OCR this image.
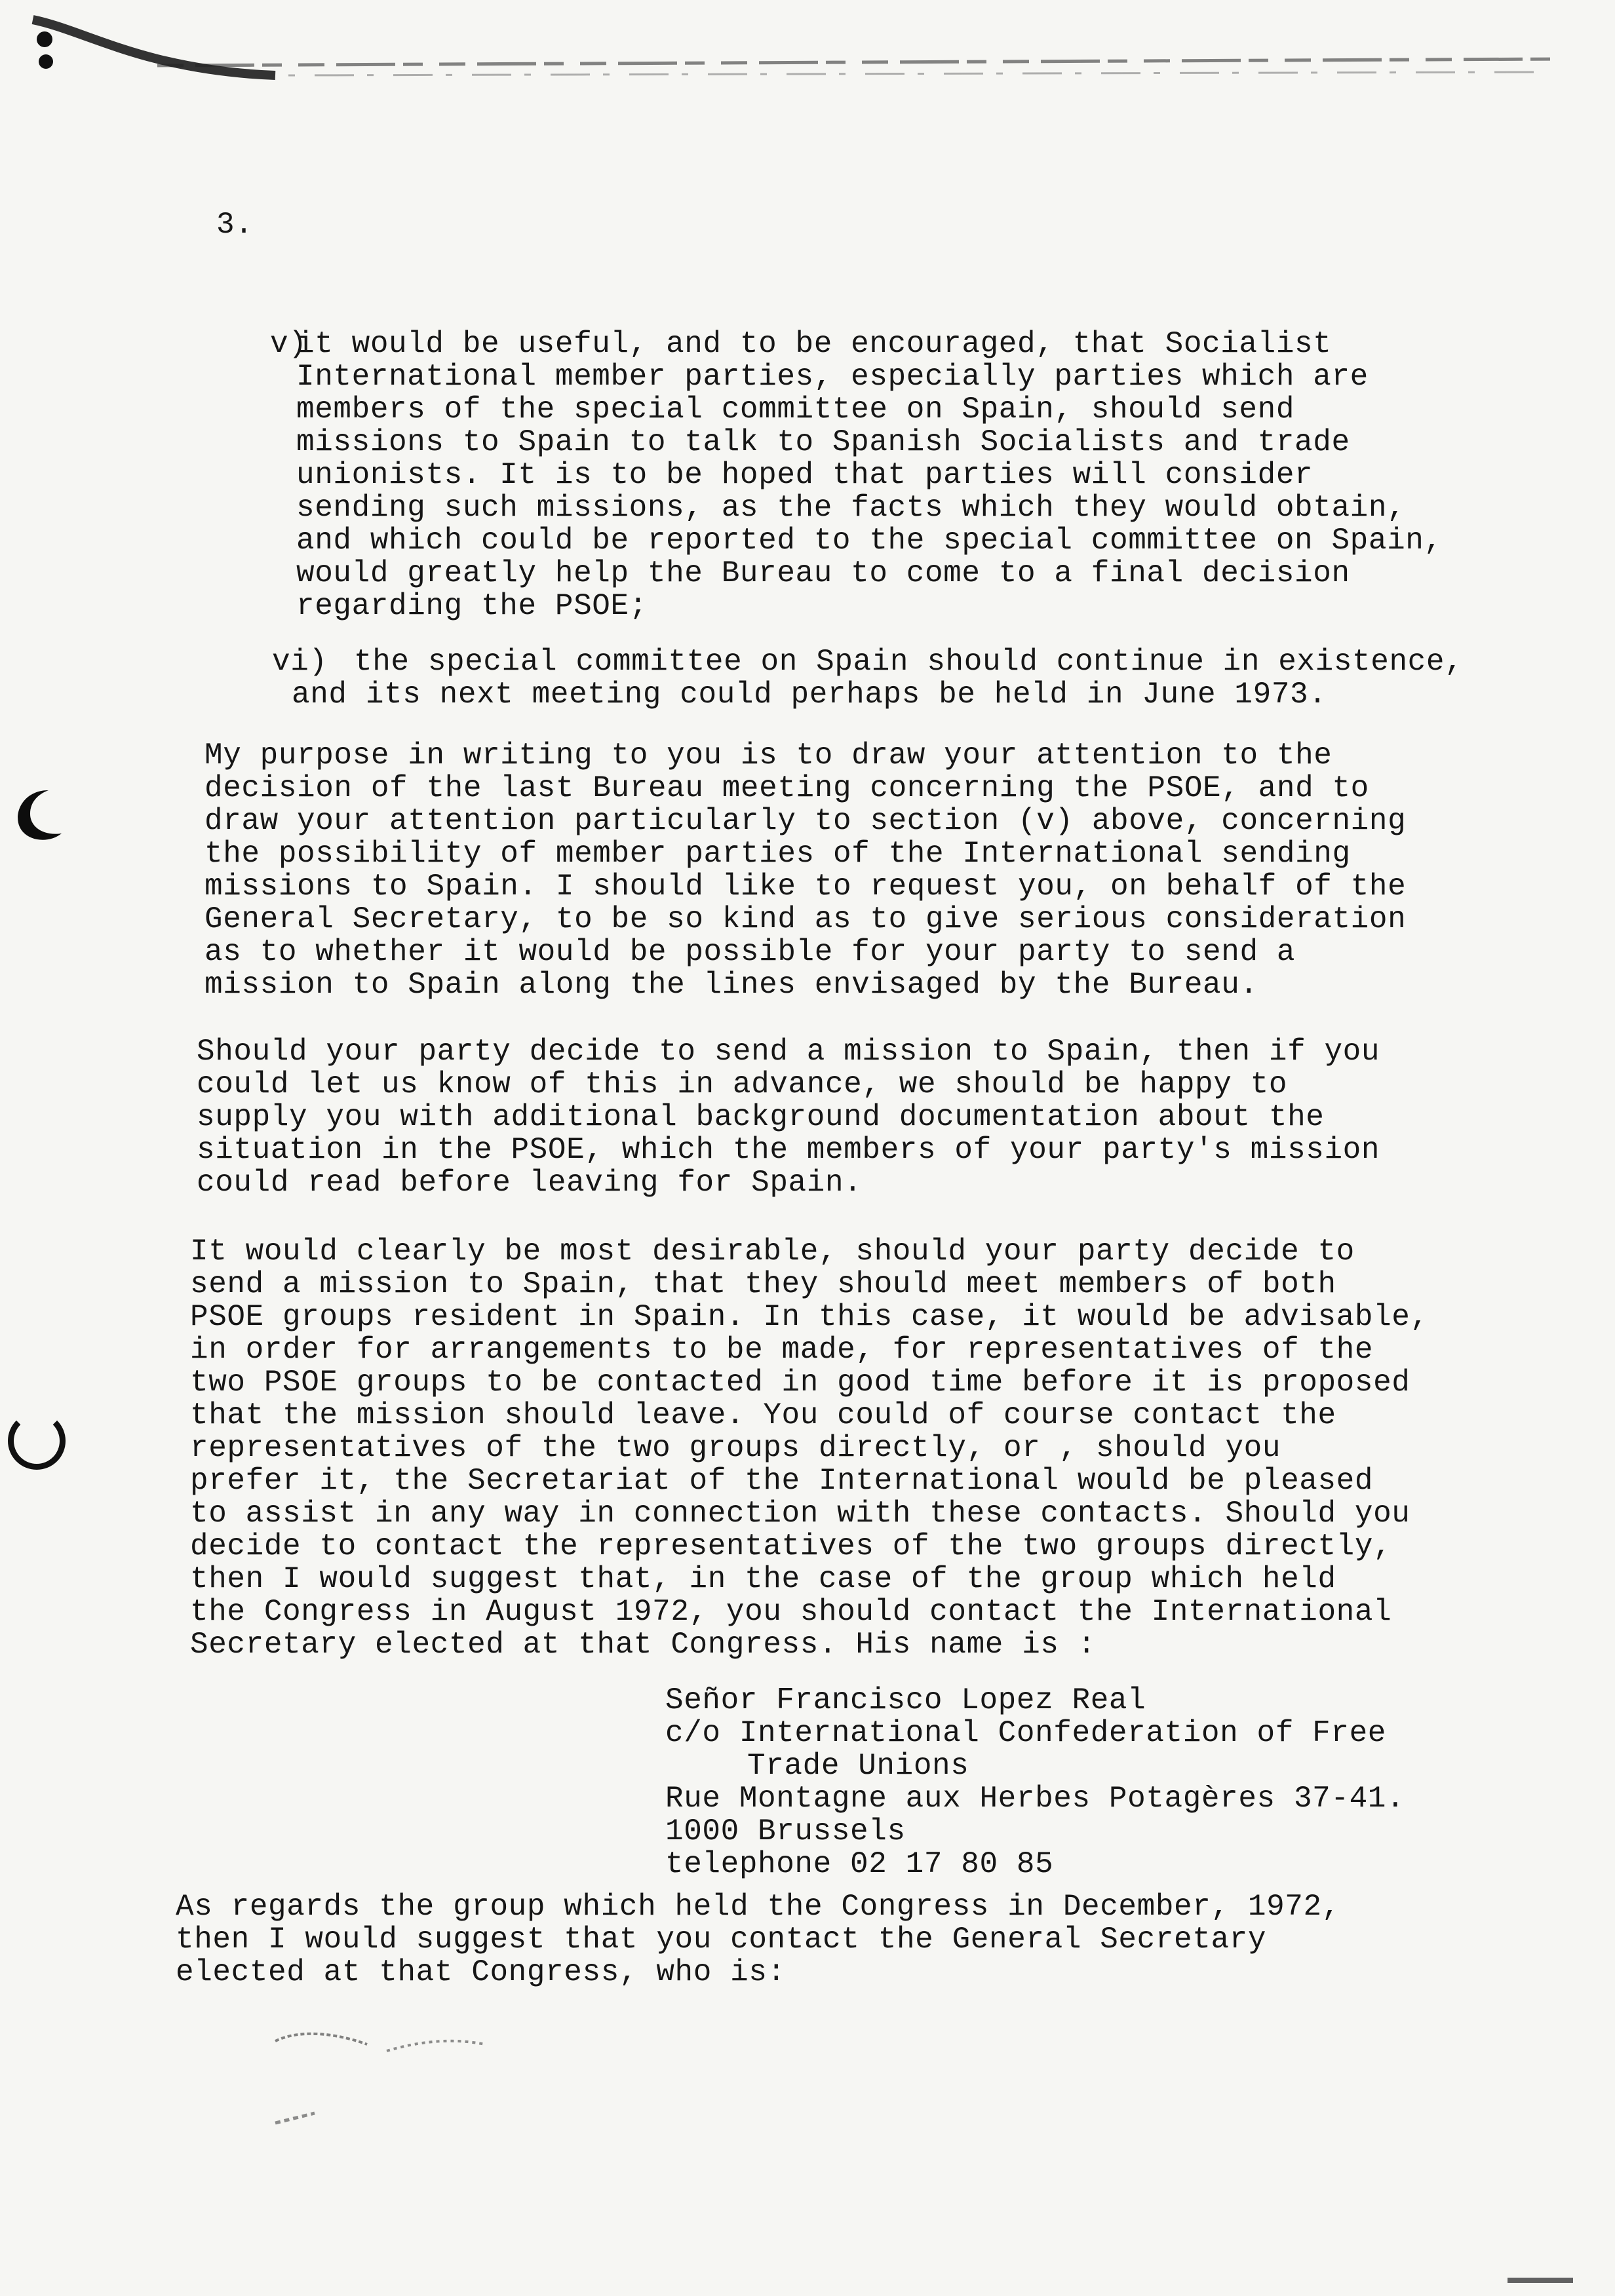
3.
v)
it would be useful, and to be encouraged, that Socialist
International member parties, especially parties which are
members of the special committee on Spain, should send
missions to Spain to talk to Spanish Socialists and trade
unionists. It is to be hoped that parties will consider
sending such missions, as the facts which they would obtain,
and which could be reported to the special committee on Spain,
would greatly help the Bureau to come to a final decision
regarding the PSOE;
vi) the special committee on Spain should continue in existence,
and its next meeting could perhaps be held in June 1973.
My purpose in writing to you is to draw your attention to the
decision of the last Bureau meeting concerning the PSOE, and to
draw your attention particularly to section (v) above, concerning
the possibility of member parties of the International sending
missions to Spain. I should like to request you, on behalf of the
General Secretary, to be so kind as to give serious consideration
as to whether it would be possible for your party to send a
mission to Spain along the lines envisaged by the Bureau.
Should your party decide to send a mission to Spain, then if you
could let us know of this in advance, we should be happy to
supply you with additional background documentation about the
situation in the PSOE, which the members of your party's mission
could read before leaving for Spain.
It would clearly be most desirable, should your party decide to
send a mission to Spain, that they should meet members of both
PSOE groups resident in Spain. In this case, it would be advisable,
in order for arrangements to be made, for representatives of the
two PSOE groups to be contacted in good time before it is proposed
that the mission should leave. You could of course contact the
representatives of the two groups directly, or , should you
prefer it, the Secretariat of the International would be pleased
to assist in any way in connection with these contacts. Should you
decide to contact the representatives of the two groups directly,
then I would suggest that, in the case of the group which held
the Congress in August 1972, you should contact the International
Secretary elected at that Congress. His name is :
Señor Francisco Lopez Real
c/o International Confederation of Free
Trade Unions
Rue Montagne aux Herbes Potagères 37-41.
1000 Brussels
telephone 02 17 80 85
As regards the group which held the Congress in December, 1972,
then I would suggest that you contact the General Secretary
elected at that Congress, who is:
